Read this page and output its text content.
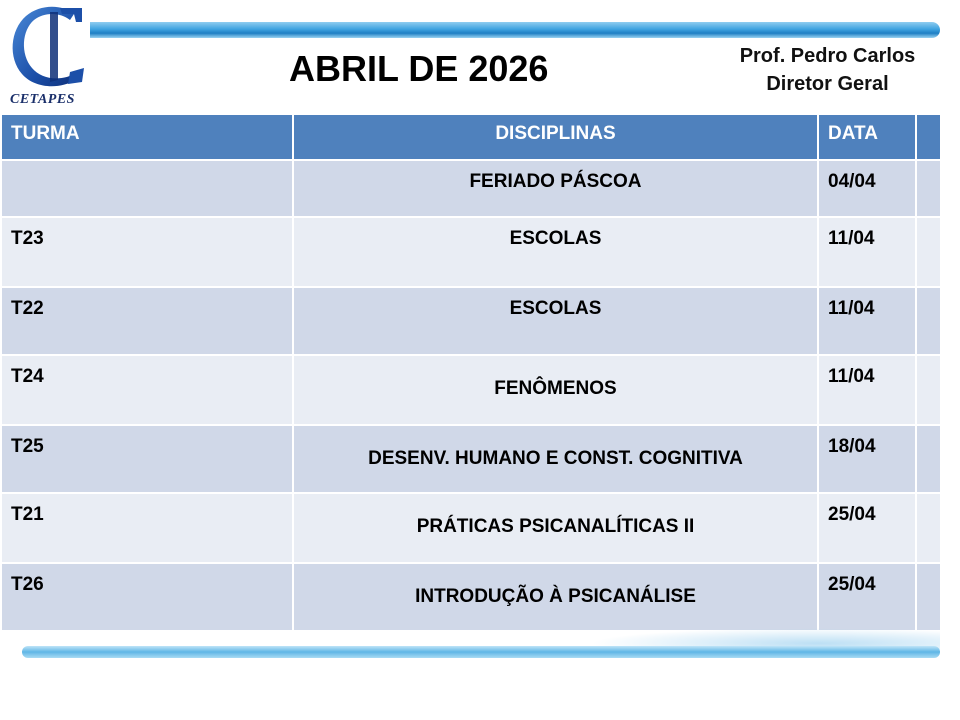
CETAPES
ABRIL DE 2026	Prof. Pedro Carlos
Diretor Geral
TURMA	DISCIPLINAS	DATA	

	FERIADO PÁSCOA	04/04	

T23	ESCOLAS	11/04	

T22	ESCOLAS	11/04	

T24	FENÔMENOS	11/04	

T25	DESENV. HUMANO E CONST. COGNITIVA	18/04	

T21	PRÁTICAS PSICANALÍTICAS II	25/04	

T26	INTRODUÇÃO À PSICANÁLISE	25/04	
